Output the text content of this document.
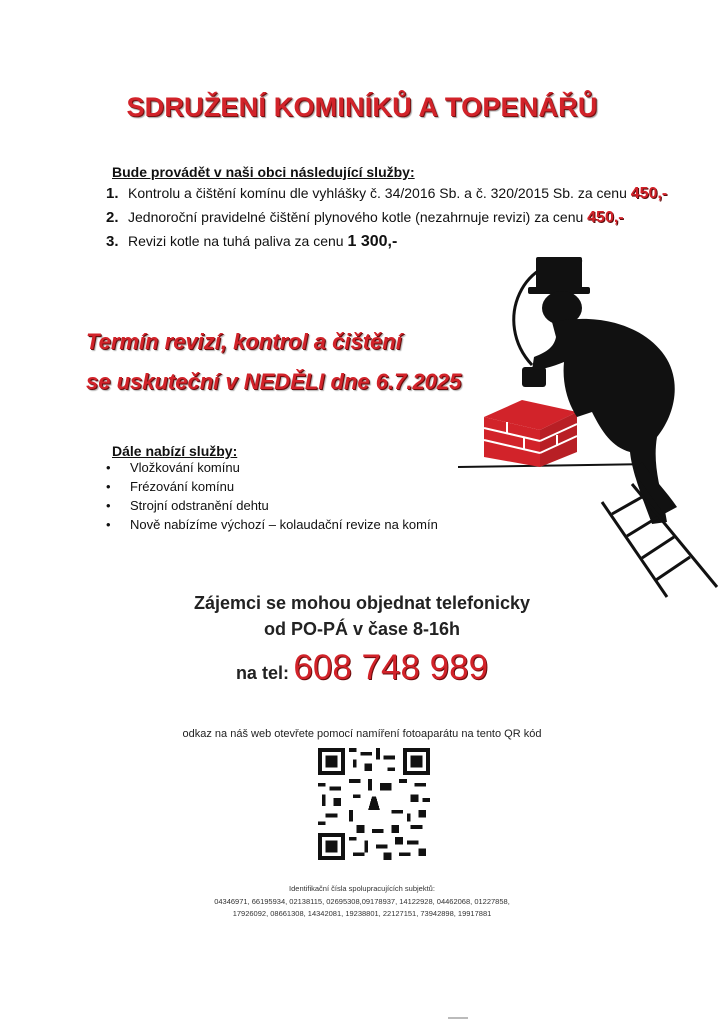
SDRUŽENÍ KOMINÍKŮ A TOPENÁŘŮ
Bude provádět v naši obci následující služby:
1. Kontrolu a čištění komínu dle vyhlášky č. 34/2016 Sb. a č. 320/2015 Sb. za cenu 450,-
2. Jednoroční pravidelné čištění plynového kotle (nezahrnuje revizi) za cenu 450,-
3. Revizi kotle na tuhá paliva za cenu 1 300,-
Termín revizí, kontrol a čištění
se uskuteční v NEDĚLI dne 6.7.2025
Dále nabízí služby:
• Vložkování komínu
• Frézování komínu
• Strojní odstranění dehtu
• Nově nabízíme výchozí – kolaudační revize na komín
Zájemci se mohou objednat telefonicky
od PO-PÁ v čase 8-16h
na tel: 608 748 989
odkaz na náš web otevřete pomocí namíření fotoaparátu na tento QR kód
Identifikační čísla spolupracujících subjektů:
04346971, 66195934, 02138115, 02695308,09178937, 14122928, 04462068, 01227858,
17926092, 08661308, 14342081, 19238801, 22127151, 73942898, 19917881
